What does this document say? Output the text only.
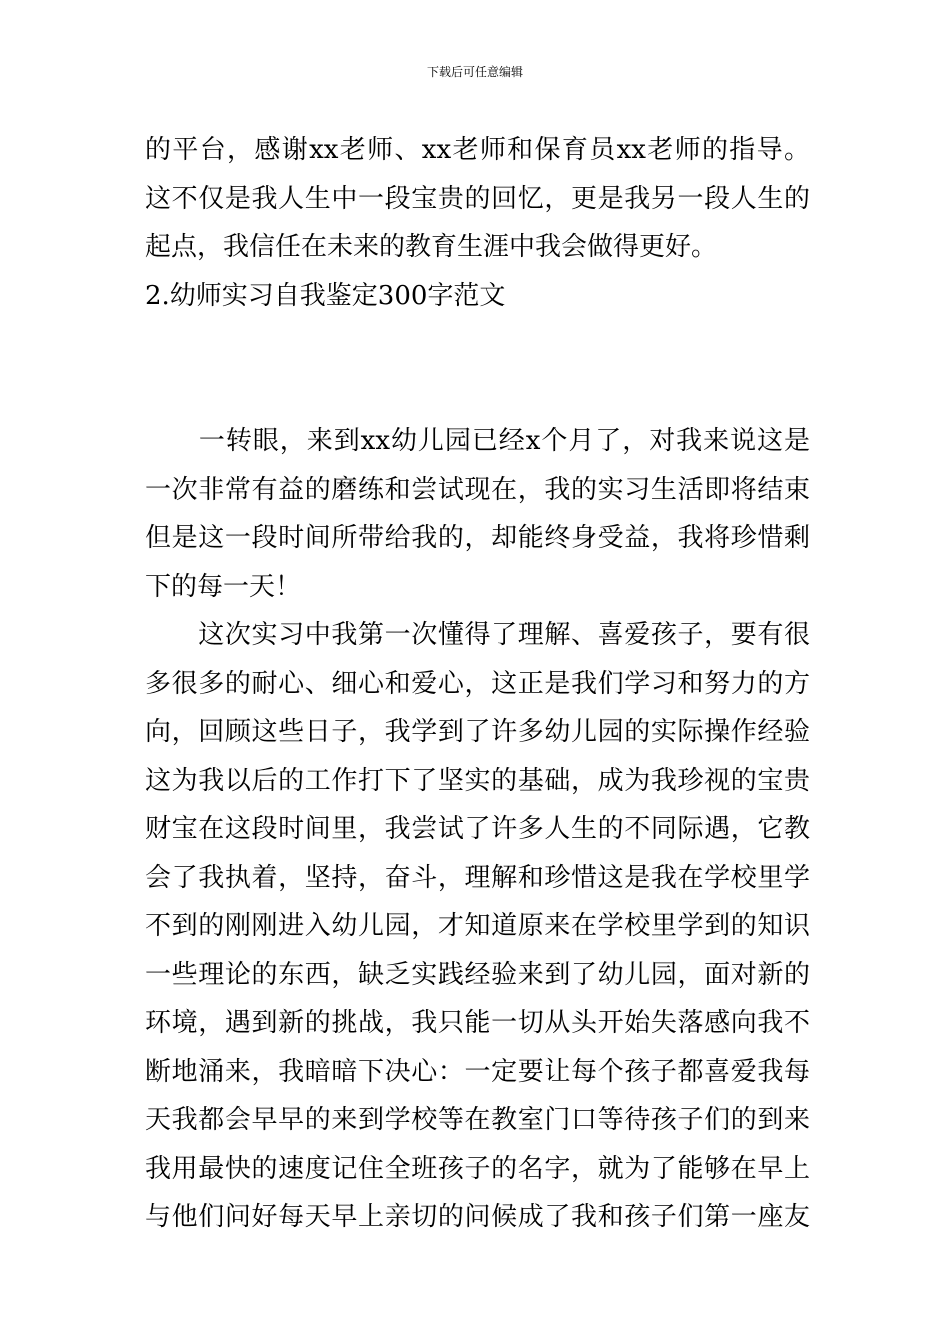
下载后可任意编辑
的平台，感谢xx老师、xx老师和保育员xx老师的指导。
这不仅是我人生中一段宝贵的回忆，更是我另一段人生的
起点，我信任在未来的教育生涯中我会做得更好。
2.幼师实习自我鉴定300字范文
　　一转眼，来到xx幼儿园已经x个月了，对我来说这是
一次非常有益的磨练和尝试现在，我的实习生活即将结束
但是这一段时间所带给我的，却能终身受益，我将珍惜剩
下的每一天！
　　这次实习中我第一次懂得了理解、喜爱孩子，要有很
多很多的耐心、细心和爱心，这正是我们学习和努力的方
向，回顾这些日子，我学到了许多幼儿园的实际操作经验
这为我以后的工作打下了坚实的基础，成为我珍视的宝贵
财宝在这段时间里，我尝试了许多人生的不同际遇，它教
会了我执着，坚持，奋斗，理解和珍惜这是我在学校里学
不到的刚刚进入幼儿园，才知道原来在学校里学到的知识
一些理论的东西，缺乏实践经验来到了幼儿园，面对新的
环境，遇到新的挑战，我只能一切从头开始失落感向我不
断地涌来，我暗暗下决心：一定要让每个孩子都喜爱我每
天我都会早早的来到学校等在教室门口等待孩子们的到来
我用最快的速度记住全班孩子的名字，就为了能够在早上
与他们问好每天早上亲切的问候成了我和孩子们第一座友
